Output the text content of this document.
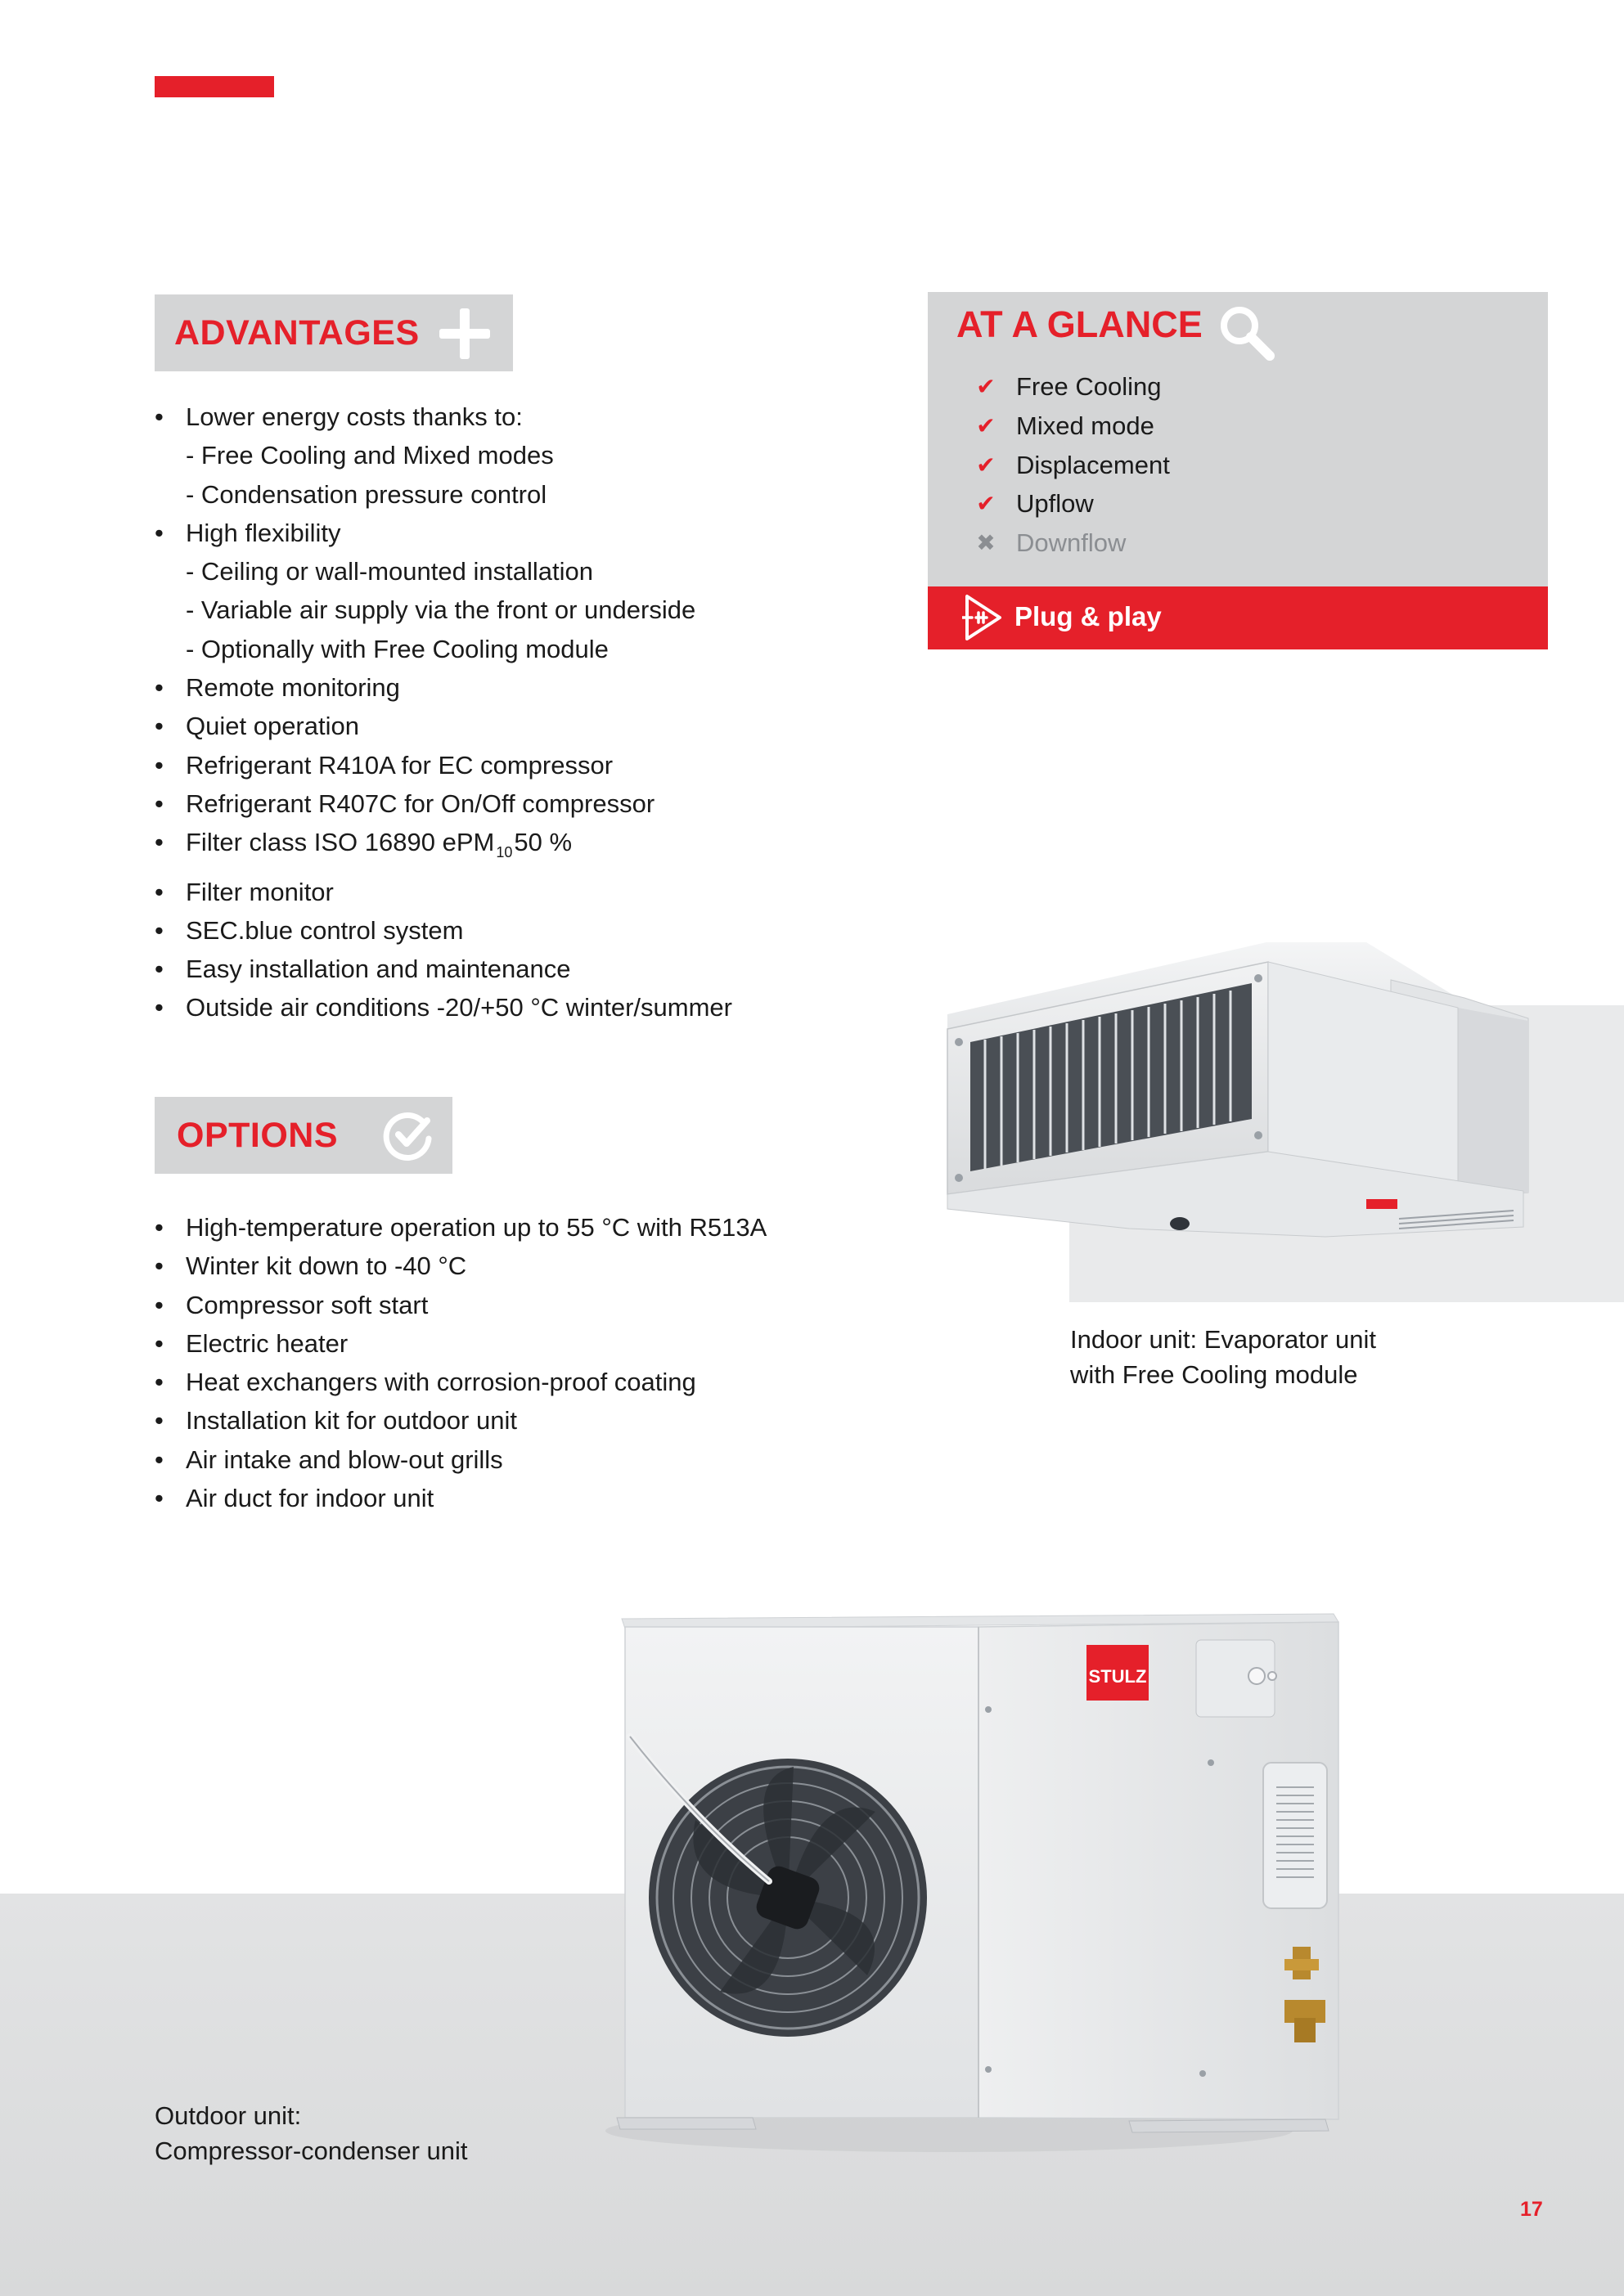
ADVANTAGES
• Lower energy costs thanks to:
- Free Cooling and Mixed modes
- Condensation pressure control
• High flexibility
- Ceiling or wall-mounted installation
- Variable air supply via the front or underside
- Optionally with Free Cooling module
• Remote monitoring
• Quiet operation
• Refrigerant R410A for EC compressor
• Refrigerant R407C for On/Off compressor
• Filter class ISO 16890 ePM $_{10}$50 %
• Filter monitor
• SEC.blue control system
• Easy installation and maintenance
• Outside air conditions -20/+50 °C winter/summer
OPTIONS
• High-temperature operation up to 55 °C with R513A
• Winter kit down to -40 °C
• Compressor soft start
• Electric heater
• Heat exchangers with corrosion-proof coating
• Installation kit for outdoor unit
• Air intake and blow-out grills
• Air duct for indoor unit
AT A GLANCE
✔ Free Cooling
✔ Mixed mode
✔ Displacement
✔ Upflow
✖ Downflow
Plug & play
Indoor unit: Evaporator unit
with Free Cooling module
STULZ
Outdoor unit:
Compressor-condenser unit
17
